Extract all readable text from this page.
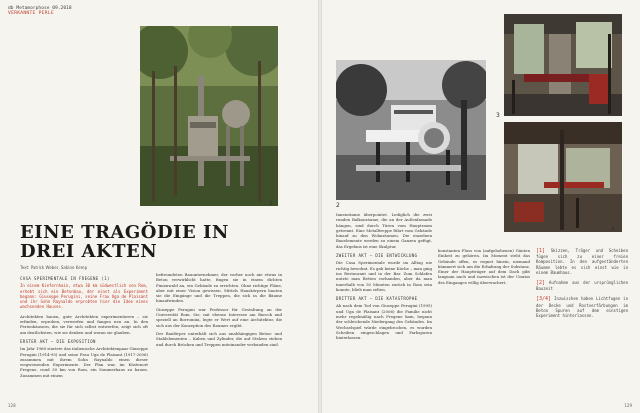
db Metamorphose 09.2018
VERKANNTE PERLE
1
EINE TRAGÖDIE IN
DREI AKTEN
Text: Patrick Weber, Sabine Kemp
CASA SPERIMENTALE IN FREGENE (1)
In einem Kiefernhain, etwa 30 km südwestlich von Rom, erhebt sich ein Betonbau, der einst als Experiment begann: Giuseppe Perugini, seine Frau Uga de Plaisant und ihr Sohn Raynaldo erprobten hier die Idee eines wachsenden Hauses.

Architekten bauen, gute Architekten experimentieren – sie erfinden, erproben, verwerfen und fangen neu an. In den Ferienhäusern, die sie für sich selbst entwerfen, zeigt sich oft am deutlichsten, wie sie denken und woran sie glauben.

ERSTER AKT – DIE EXPOSITION

Im Jahr 1968 startete das italienische Architektenpaar Giuseppe Perugini (1914-95) und seine Frau Uga de Plaisant (1917-2006) zusammen mit ihrem Sohn Raynaldo einen dieser wegweisenden Experimente. Der Plan war, im Küstenort Fregene, rund 30 km von Rom, ein Sommerhaus zu bauen. Zusammen mit einem

befreundeten Bauunternehmer, der vorher noch nie etwas in Beton verwirklicht hatte, fingen sie in einem dichten Pinienwald an, ein Gebäude zu errichten. Ohne richtige Pläne, aber mit einer Vision gewissen. Mittels Hauskörpern bauten sie die Eingänge und die Treppen, die sich in die Bäume hinaufwinden.

Giuseppe Perugini war Professor für Gestaltung an der Universität Rom. Sie, mit ebenso Interesse am Barock und speziell an Borromini, legte er Wert auf eine Architektur, die sich aus der Konzeption des Raumes ergibt.

Der Bauförper unterhält sich aus unabhängigen Beton- und Stahlelementen – Kuben und Zylinder, die auf Stelzen stehen und durch Brücken und Treppen miteinander verbunden sind.

128
2
3
4

Innenräume überpointet. Lediglich die zwei runden Balkonräume, die an der Außenfassade hängen, sind durch Türen vom Hauptraum getrennt. Eine Metalltreppe führt vom Gebäude hinauf zu den Wohnräumen. Die einzelnen Bauelemente werden zu einem Ganzen gefügt, das Ergebnis ist eine Skulptur.

ZWEITER AKT – DIE ENTWICKLUNG

Die Casa Sperimentale wurde im Alltag nie richtig bewohnt. Es gab keine Küche – man ging ins Restaurant und in der Bar. Zum Schlafen nutzte man Betten vorhanden, aber da man innerhalb von 30 Minuten zurück in Rom sein konnte, blieb man selten.

DRITTER AKT – DIE KATASTROPHE

Ab nach dem Tod von Giuseppe Perugini (1995) und Uga de Plaisant (2006) die Familie nicht mehr regelmäßig nach Fregene kam, begann der schleichende Niedergang des Gebäudes. Im Wechselspiel würde eingebrochen, es wurden Scheiben eingeschlagen und Farbspuren hinterlassen.

konstanten Fluss von (aufgehobenen) Gänten Einheit zu gehören. Im Moment steht das Gebäude offen, es regnet hinein, niemand kümmert sich um die Erhaltung der Substanz. Einer der Hauptträger auf dem Dach gibt langsam nach und inzwischen ist der Umriss des Einganges völlig überwuchert.

[1] Skizzen, Träger und Scheiben fügen sich zu einer freien Komposition. In den aufgeständerten Räumen lebte es sich einst wie in einem Baumhaus.
[2] Aufnahme aus der ursprünglichen Bauzeit
[3/4] Inzwischen haben Lichtfugen in der Decke und Rostverfärbungen im Beton Spuren auf dem einstigen Experiment hinterlassen.
129
